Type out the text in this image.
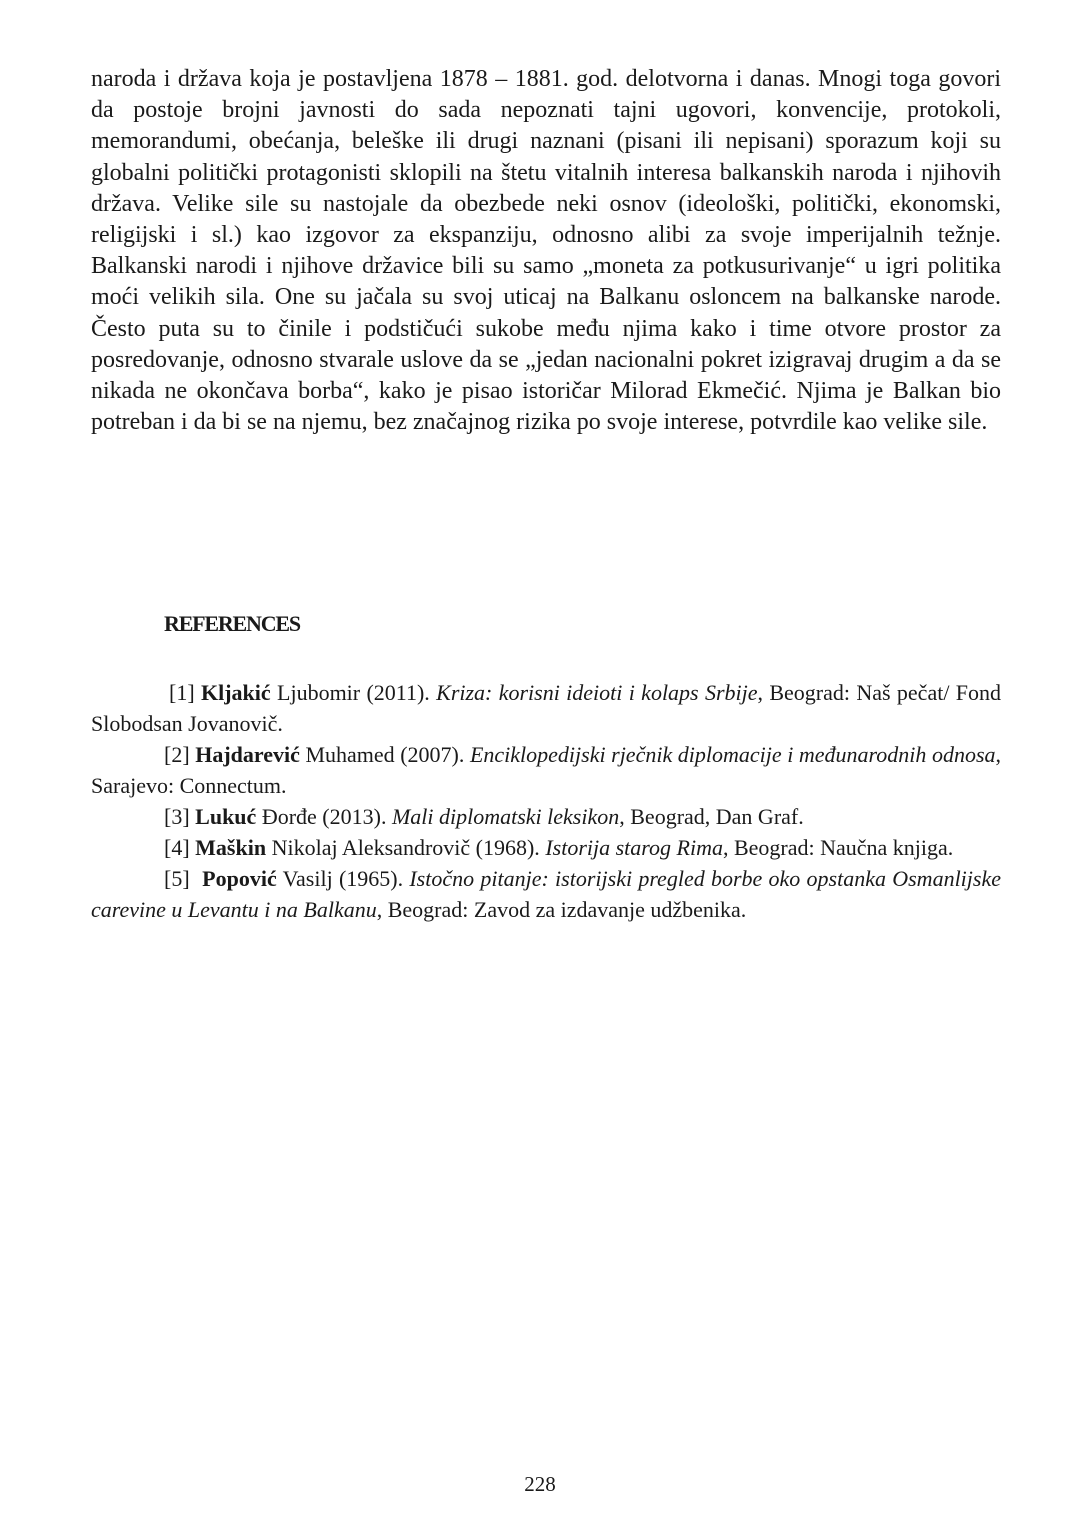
naroda i država koja je postavljena 1878 – 1881. god. delotvorna i danas. Mnogi toga govori da postoje brojni javnosti do sada nepoznati tajni ugovori, konvencije, protokoli, memorandumi, obećanja, beleške ili drugi naznani (pisani ili nepisani) sporazum koji su globalni politički protagonisti sklopili na štetu vitalnih interesa balkanskih naroda i njihovih država. Velike sile su nastojale da obezbede neki osnov (ideološki, politički, ekonomski, religijski i sl.) kao izgovor za ekspanziju, odnosno alibi za svoje imperijalnih težnje. Balkanski narodi i njihove državice bili su samo „moneta za potkusurivanje“ u igri politika moći velikih sila. One su jačala su svoj uticaj na Balkanu osloncem na balkanske narode. Često puta su to činile i podstičući sukobe među njima kako i time otvore prostor za posredovanje, odnosno stvarale uslove da se „jedan nacionalni pokret izigravaj drugim a da se nikada ne okončava borba“, kako je pisao istoričar Milorad Ekmečić. Njima je Balkan bio potreban i da bi se na njemu, bez značajnog rizika po svoje interese, potvrdile kao velike sile.

REFERENCES

[1] Kljakić Ljubomir (2011). Kriza: korisni ideioti i kolaps Srbije, Beograd: Naš pečat/ Fond Slobodsan Jovanovič.

[2] Hajdarević Muhamed (2007). Enciklopedijski rječnik diplomacije i međunarodnih odnosa, Sarajevo: Connectum.

[3] Lukuć Đorđe (2013). Mali diplomatski leksikon, Beograd, Dan Graf.

[4] Maškin Nikolaj Aleksandrovič (1968). Istorija starog Rima, Beograd: Naučna knjiga.

[5] Popović Vasilj (1965). Istočno pitanje: istorijski pregled borbe oko opstanka Osmanlijske carevine u Levantu i na Balkanu, Beograd: Zavod za izdavanje udžbenika.

228
